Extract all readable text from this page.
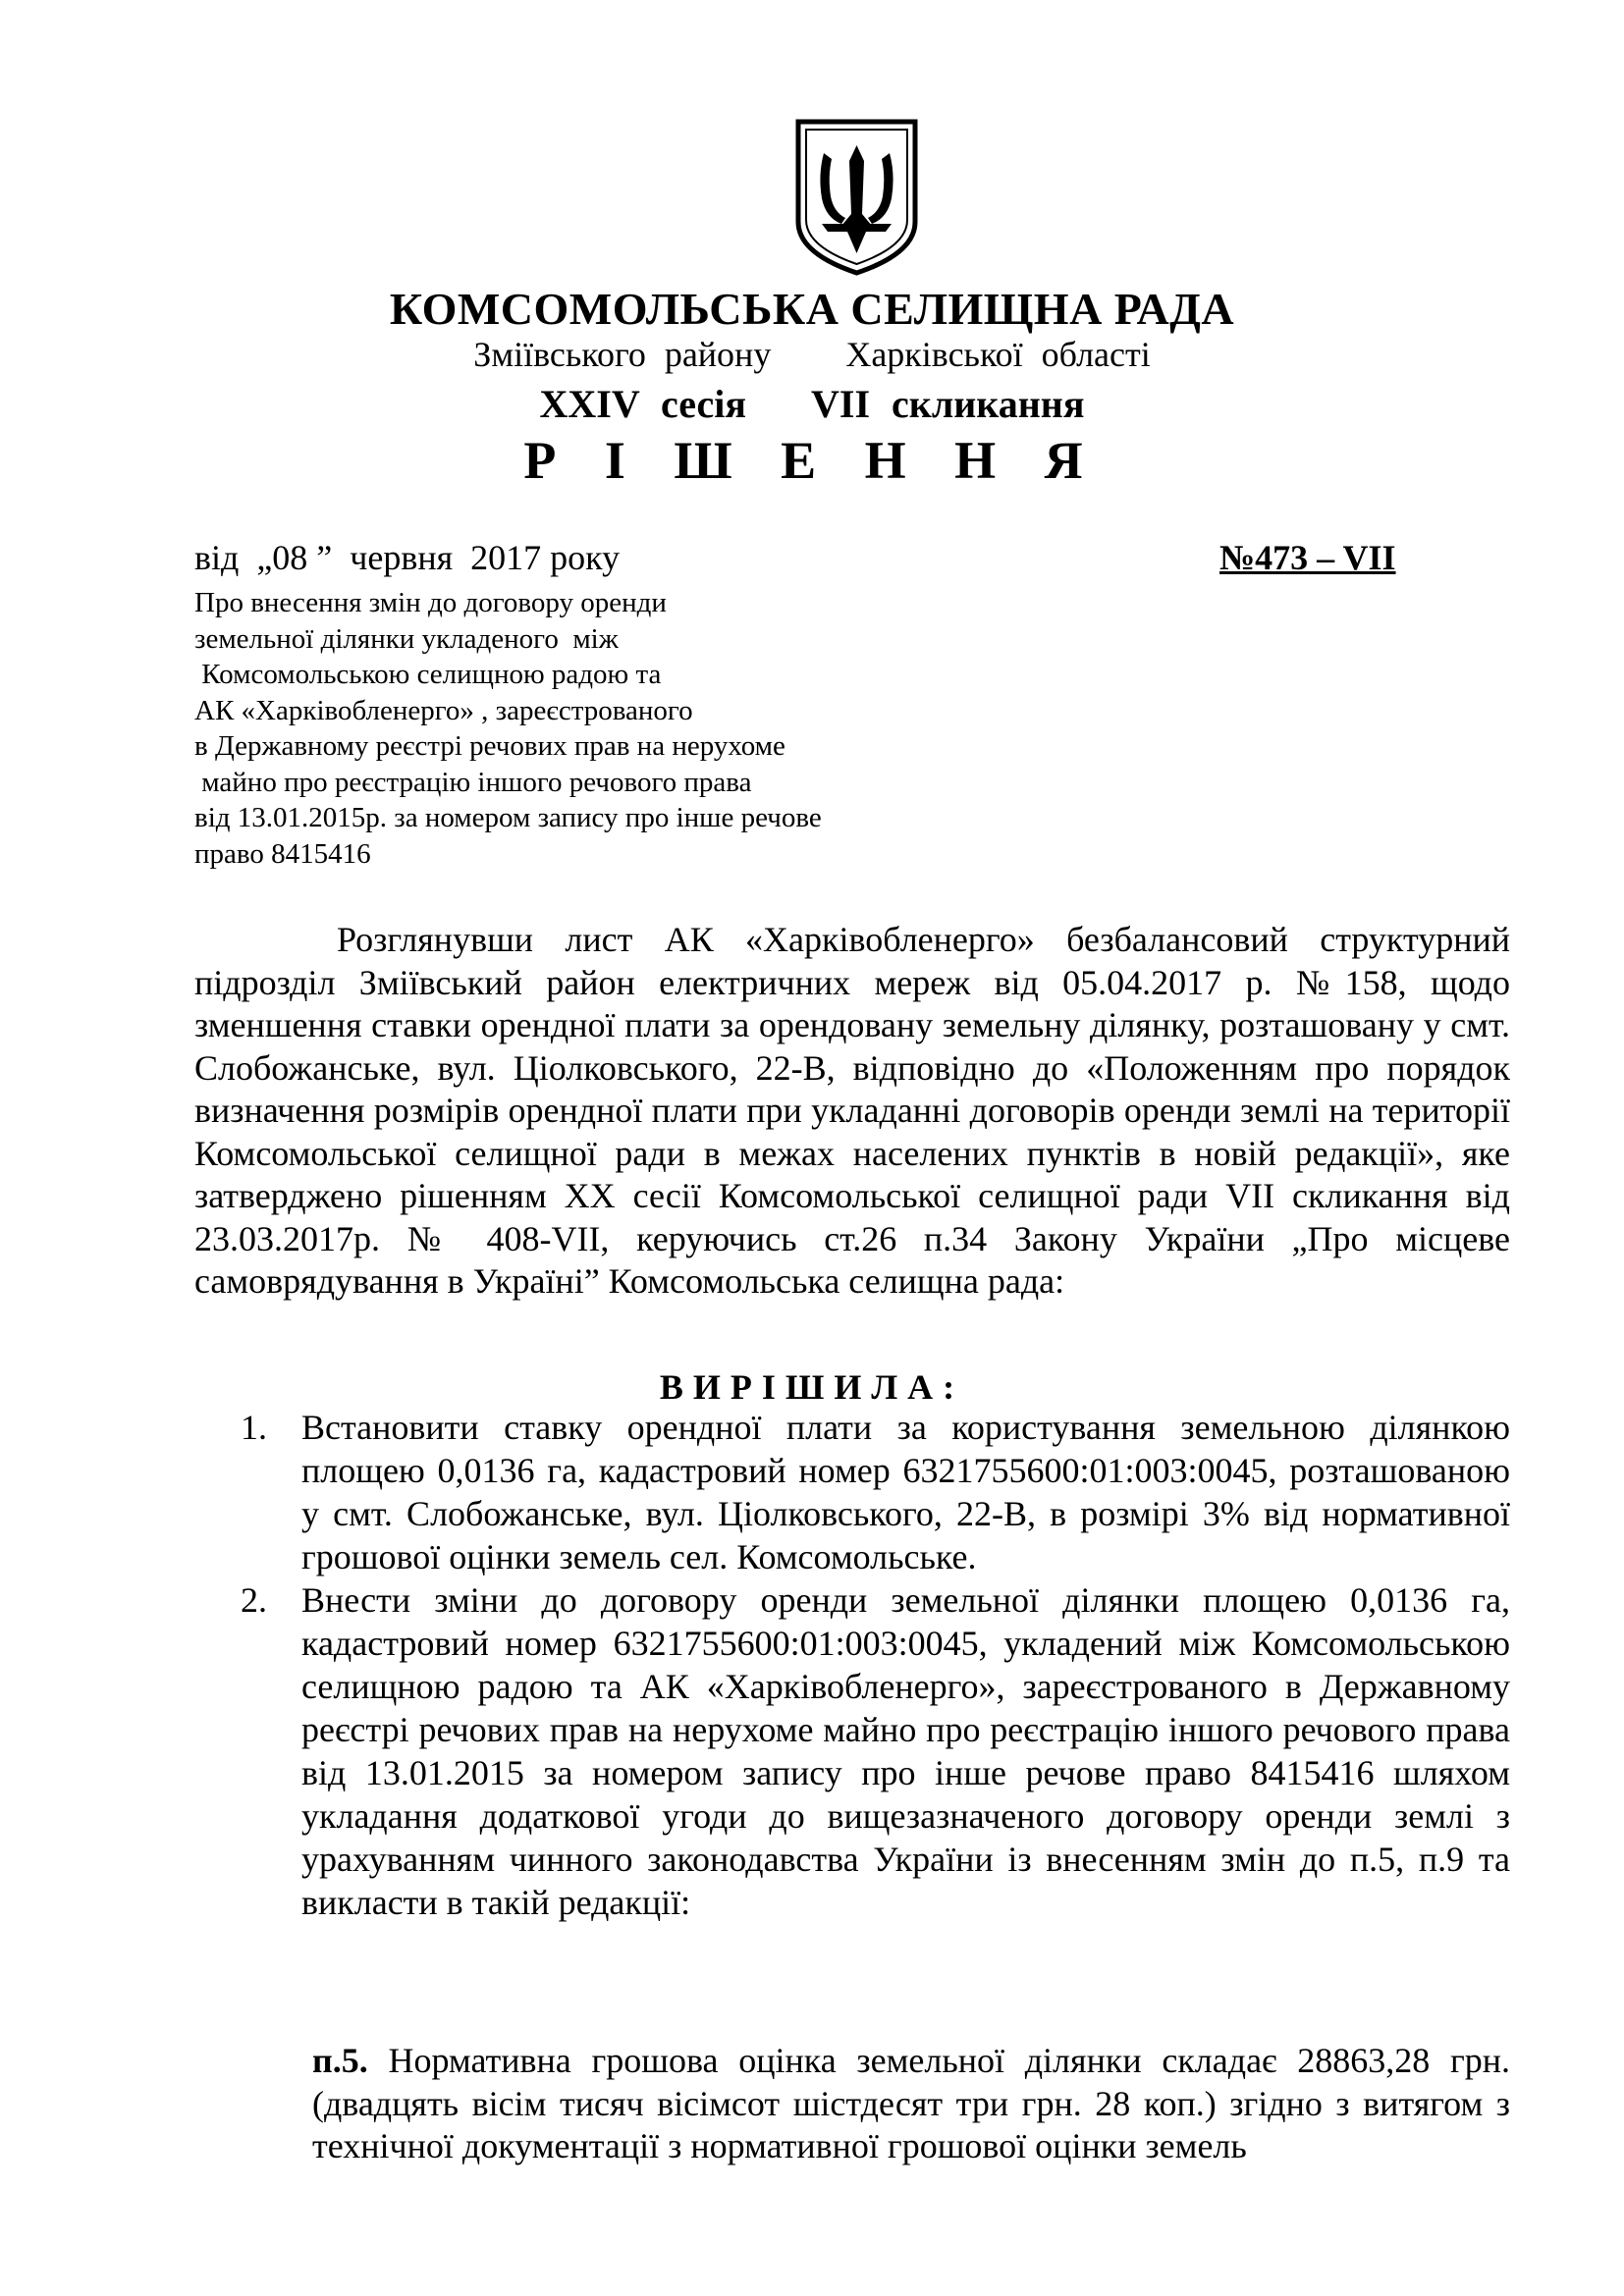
КОМСОМОЛЬСЬКА СЕЛИЩНА РАДА
Зміївського району    Харківської області
XXIV сесія   VII скликання
Р І Ш Е Н Н Я
від  „08 ”  червня  2017 року	№473 – VII
Про внесення змін до договору оренди
земельної ділянки укладеного  між
Комсомольською селищною радою та
АК «Харківобленерго» , зареєстрованого
в Державному реєстрі речових прав на нерухоме
майно про реєстрацію іншого речового права
від 13.01.2015р. за номером запису про інше речове
право 8415416
Розглянувши лист АК «Харківобленерго» безбалансовий структурний підрозділ Зміївський район електричних мереж від 05.04.2017 р. №158, щодо зменшення ставки орендної плати за орендовану земельну ділянку, розташовану у смт. Слобожанське, вул. Ціолковського, 22-В, відповідно до «Положенням про порядок визначення розмірів орендної плати при укладанні договорів оренди землі на території Комсомольської селищної ради в межах населених пунктів в новій редакції», яке затверджено рішенням ХХ сесії Комсомольської селищної ради VII скликання від 23.03.2017р. № 408-VII, керуючись ст.26 п.34 Закону України „Про місцеве самоврядування в Україні” Комсомольська селищна рада:
ВИРІШИЛА:
1. Встановити ставку орендної плати за користування земельною ділянкою площею 0,0136 га, кадастровий номер 6321755600:01:003:0045, розташованою у смт. Слобожанське, вул. Ціолковського, 22-В, в розмірі 3% від нормативної грошової оцінки земель сел. Комсомольське.
2. Внести зміни до договору оренди земельної ділянки площею 0,0136 га, кадастровий номер 6321755600:01:003:0045, укладений між Комсомольською селищною радою та АК «Харківобленерго», зареєстрованого в Державному реєстрі речових прав на нерухоме майно про реєстрацію іншого речового права від 13.01.2015 за номером запису про інше речове право 8415416 шляхом укладання додаткової угоди до вищезазначеного договору оренди землі з урахуванням чинного законодавства України із внесенням змін до п.5, п.9 та викласти в такій редакції:
п.5. Нормативна грошова оцінка земельної ділянки складає 28863,28 грн. (двадцять вісім тисяч вісімсот шістдесят три грн. 28 коп.) згідно з витягом з технічної документації з нормативної грошової оцінки земель
